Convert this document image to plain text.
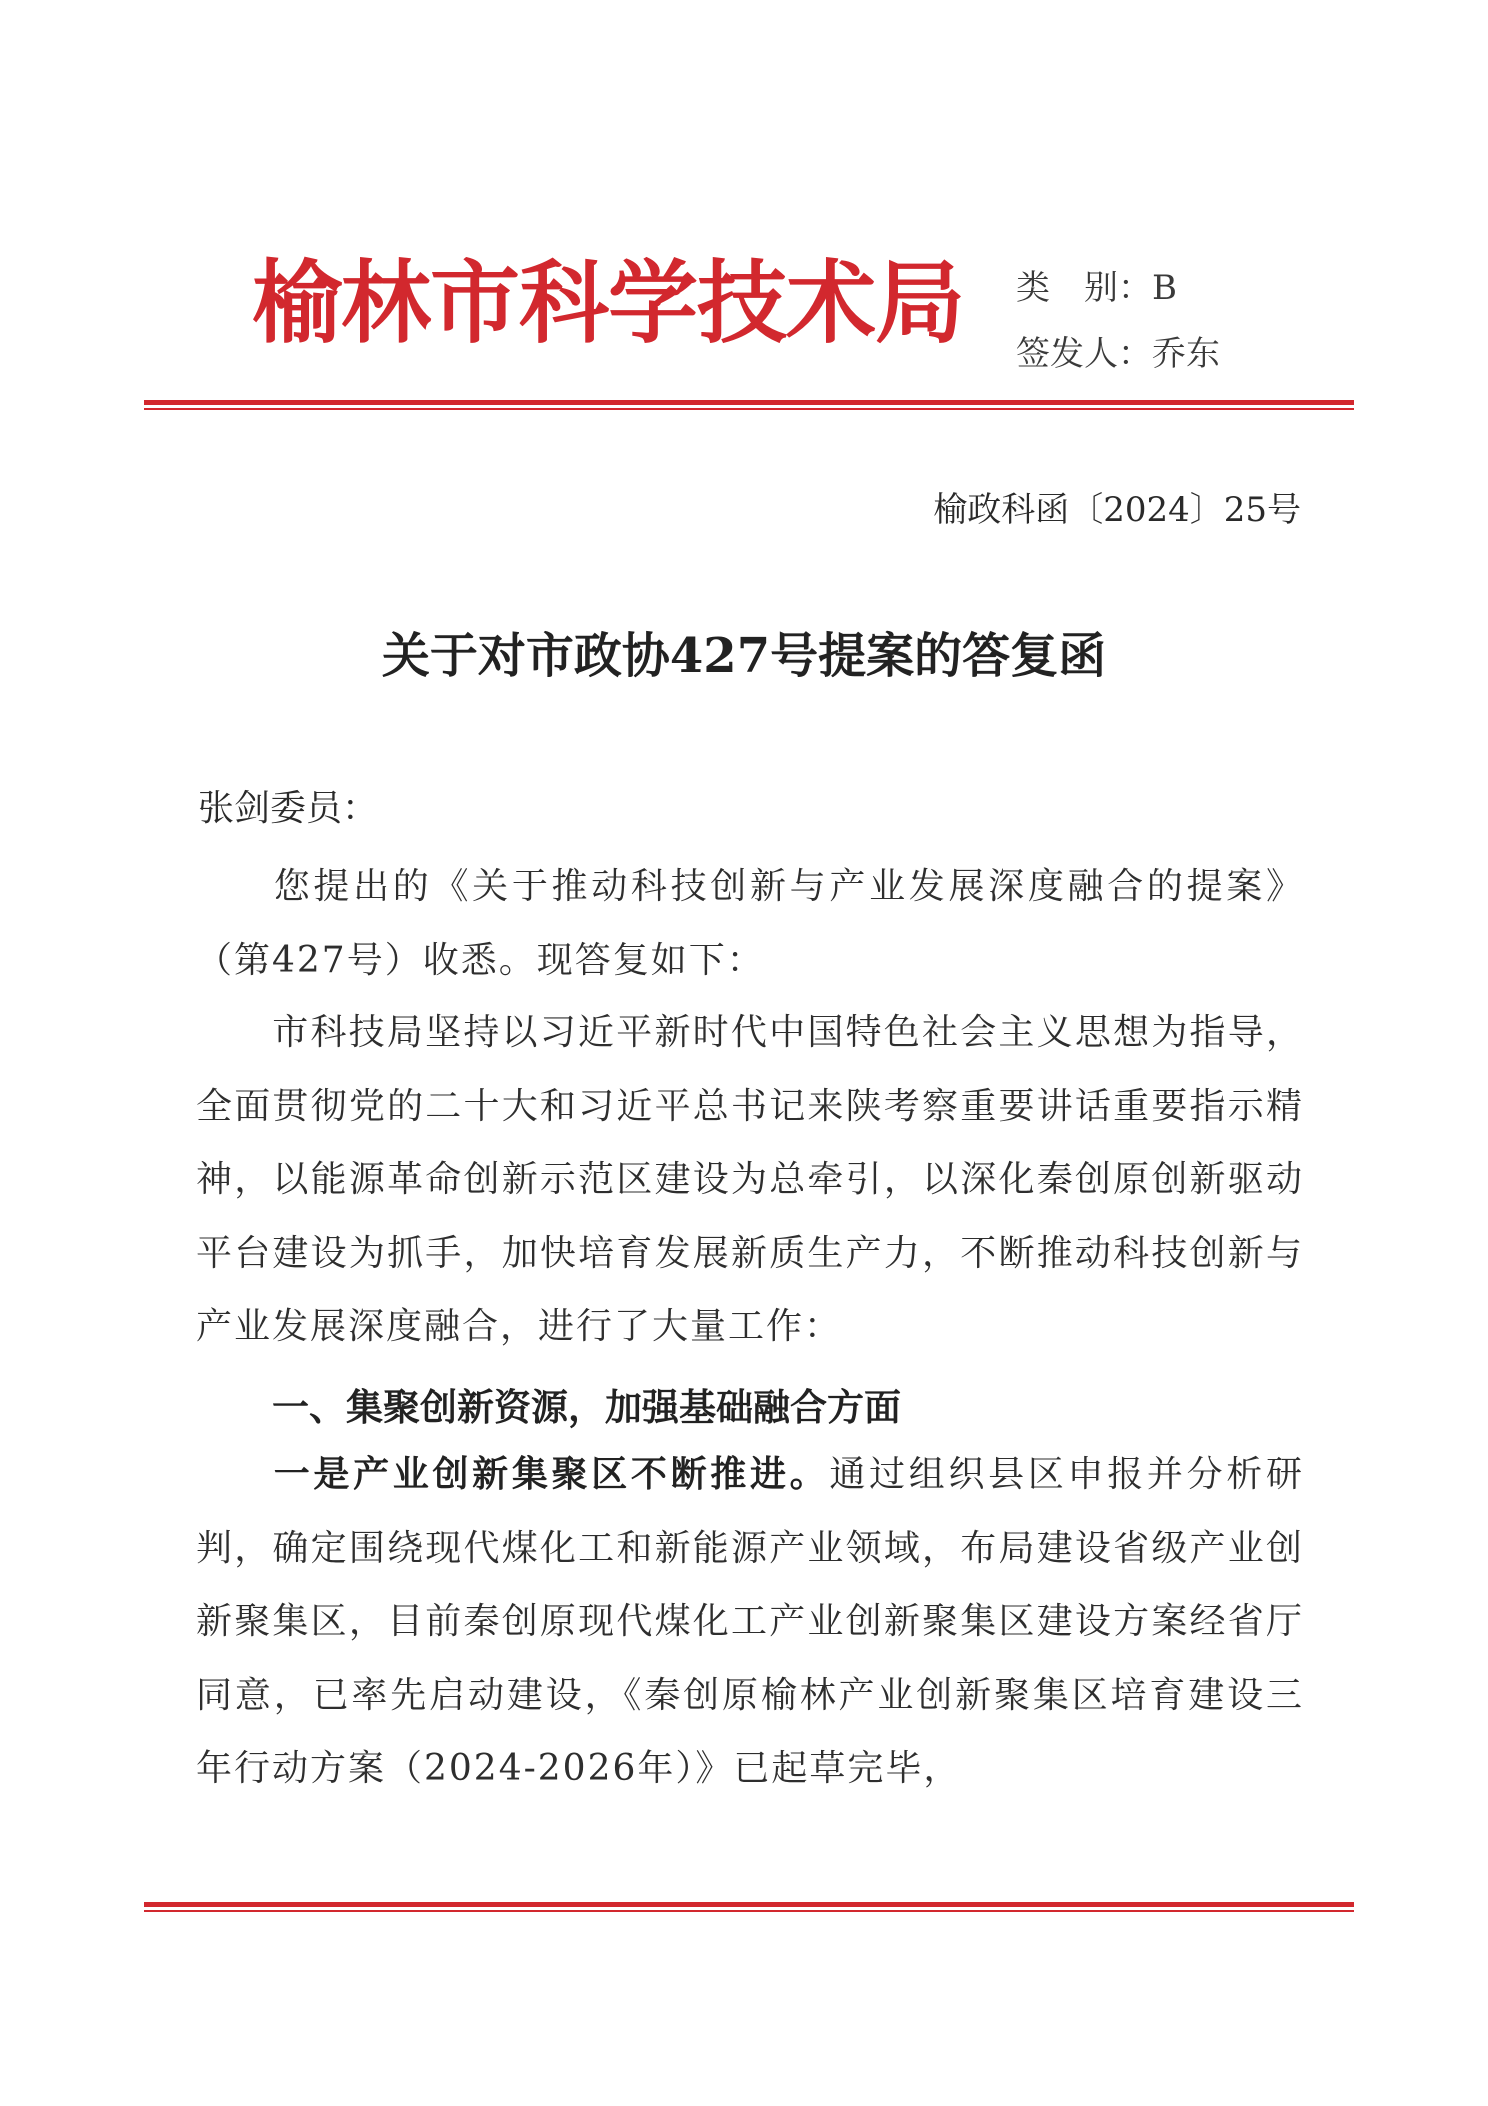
榆林市科学技术局 类　别：B
签发人：乔东
榆政科函〔2024〕25号
关于对市政协427号提案的答复函
张剑委员：
您提出的《关于推动科技创新与产业发展深度融合的提案》（第427号）收悉。现答复如下：
市科技局坚持以习近平新时代中国特色社会主义思想为指导，全面贯彻党的二十大和习近平总书记来陕考察重要讲话重要指示精神，以能源革命创新示范区建设为总牵引，以深化秦创原创新驱动平台建设为抓手，加快培育发展新质生产力，不断推动科技创新与产业发展深度融合，进行了大量工作：
一、集聚创新资源，加强基础融合方面
一是产业创新集聚区不断推进。通过组织县区申报并分析研判，确定围绕现代煤化工和新能源产业领域，布局建设省级产业创新聚集区，目前秦创原现代煤化工产业创新聚集区建设方案经省厅同意，已率先启动建设，《秦创原榆林产业创新聚集区培育建设三年行动方案（2024-2026年）》已起草完毕，
